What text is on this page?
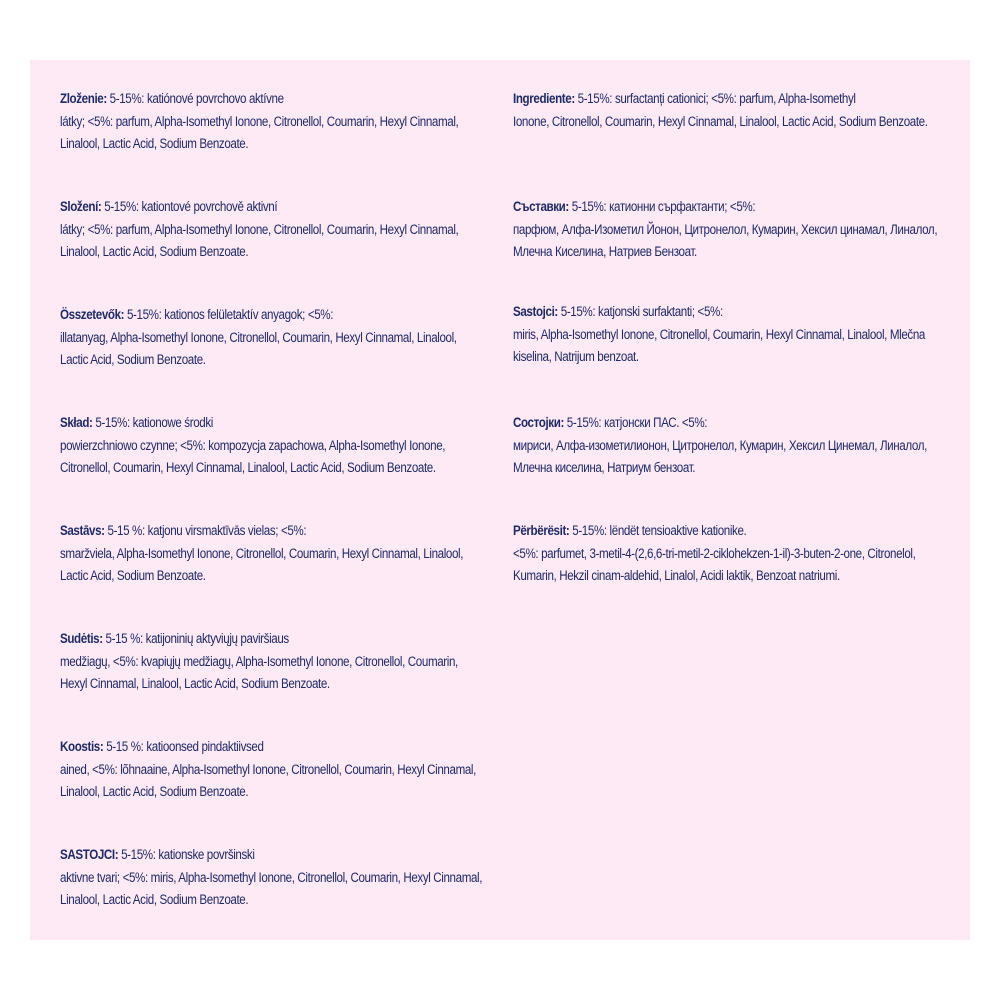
Zloženie: 5-15%: katiónové povrchovo aktívne
látky; <5%: parfum, Alpha-Isomethyl Ionone, Citronellol, Coumarin, Hexyl Cinnamal,
Linalool, Lactic Acid, Sodium Benzoate.
Složení: 5-15%: kationtové povrchově aktivní
látky; <5%: parfum, Alpha-Isomethyl Ionone, Citronellol, Coumarin, Hexyl Cinnamal,
Linalool, Lactic Acid, Sodium Benzoate.
Összetevők: 5-15%: kationos felületaktív anyagok; <5%:
illatanyag, Alpha-Isomethyl Ionone, Citronellol, Coumarin, Hexyl Cinnamal, Linalool,
Lactic Acid, Sodium Benzoate.
Skład: 5-15%: kationowe środki
powierzchniowo czynne; <5%: kompozycja zapachowa, Alpha-Isomethyl Ionone,
Citronellol, Coumarin, Hexyl Cinnamal, Linalool, Lactic Acid, Sodium Benzoate.
Sastāvs: 5-15 %: katjonu virsmaktīvās vielas; <5%:
smaržviela, Alpha-Isomethyl Ionone, Citronellol, Coumarin, Hexyl Cinnamal, Linalool,
Lactic Acid, Sodium Benzoate.
Sudėtis: 5-15 %: katijoninių aktyviųjų paviršiaus
medžiagų, <5%: kvapiųjų medžiagų, Alpha-Isomethyl Ionone, Citronellol, Coumarin,
Hexyl Cinnamal, Linalool, Lactic Acid, Sodium Benzoate.
Koostis: 5-15 %: katioonsed pindaktiivsed
ained, <5%: lõhnaaine, Alpha-Isomethyl Ionone, Citronellol, Coumarin, Hexyl Cinnamal,
Linalool, Lactic Acid, Sodium Benzoate.
SASTOJCI: 5-15%: kationske površinski
aktivne tvari; <5%: miris, Alpha-Isomethyl Ionone, Citronellol, Coumarin, Hexyl Cinnamal,
Linalool, Lactic Acid, Sodium Benzoate.
Ingrediente: 5-15%: surfactanți cationici; <5%: parfum, Alpha-Isomethyl
Ionone, Citronellol, Coumarin, Hexyl Cinnamal, Linalool, Lactic Acid, Sodium Benzoate.
Съставки: 5-15%: катионни сърфактанти; <5%:
парфюм, Алфа-Изометил Йонон, Цитронелол, Кумарин, Хексил цинамал, Линалол,
Млечна Киселина, Натриев Бензоат.
Sastojci: 5-15%: katjonski surfaktanti; <5%:
miris, Alpha-Isomethyl Ionone, Citronellol, Coumarin, Hexyl Cinnamal, Linalool, Mlečna
kiselina, Natrijum benzoat.
Состојки: 5-15%: катјонски ПАС. <5%:
мириси, Алфа-изометилионон, Цитронелол, Кумарин, Хексил Цинемал, Линалол,
Млечна киселина, Натриум бензоат.
Përbërësit: 5-15%: lëndët tensioaktive kationike.
<5%: parfumet, 3-metil-4-(2,6,6-tri-metil-2-ciklohekzen-1-il)-3-buten-2-one, Citronelol,
Kumarin, Hekzil cinam-aldehid, Linalol, Acidi laktik, Benzoat natriumi.
